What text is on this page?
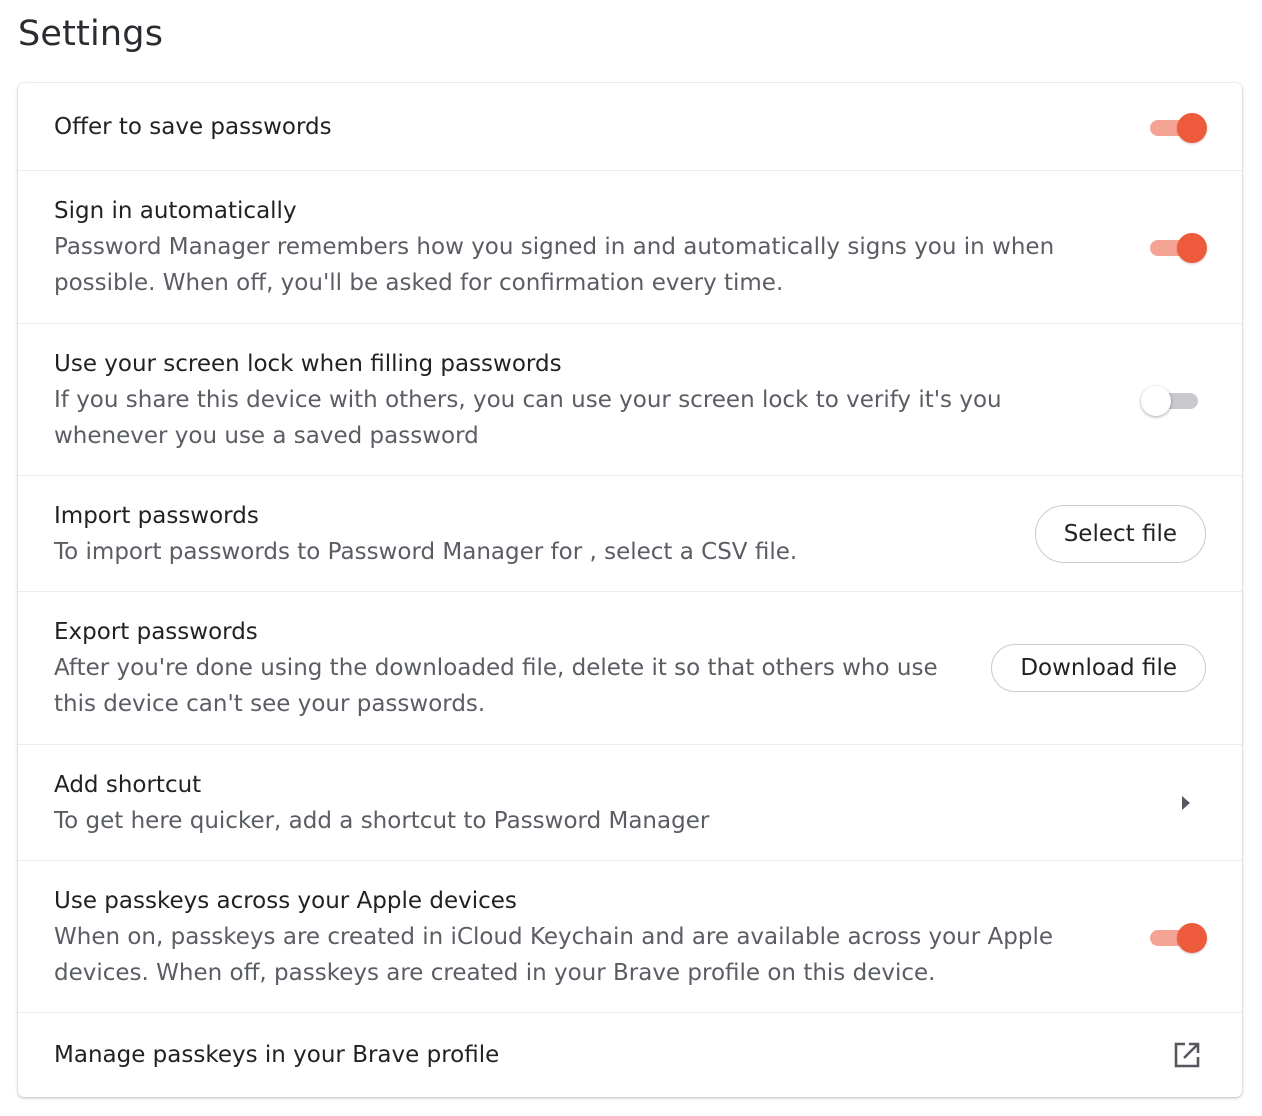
Settings
Offer to save passwords
Sign in automatically
Password Manager remembers how you signed in and automatically signs you in when possible. When off, you'll be asked for confirmation every time.
Use your screen lock when filling passwords
If you share this device with others, you can use your screen lock to verify it's you whenever you use a saved password
Import passwords
To import passwords to Password Manager for , select a CSV file.
Select file
Export passwords
After you're done using the downloaded file, delete it so that others who use this device can't see your passwords.
Download file
Add shortcut
To get here quicker, add a shortcut to Password Manager
Use passkeys across your Apple devices
When on, passkeys are created in iCloud Keychain and are available across your Apple devices. When off, passkeys are created in your Brave profile on this device.
Manage passkeys in your Brave profile
